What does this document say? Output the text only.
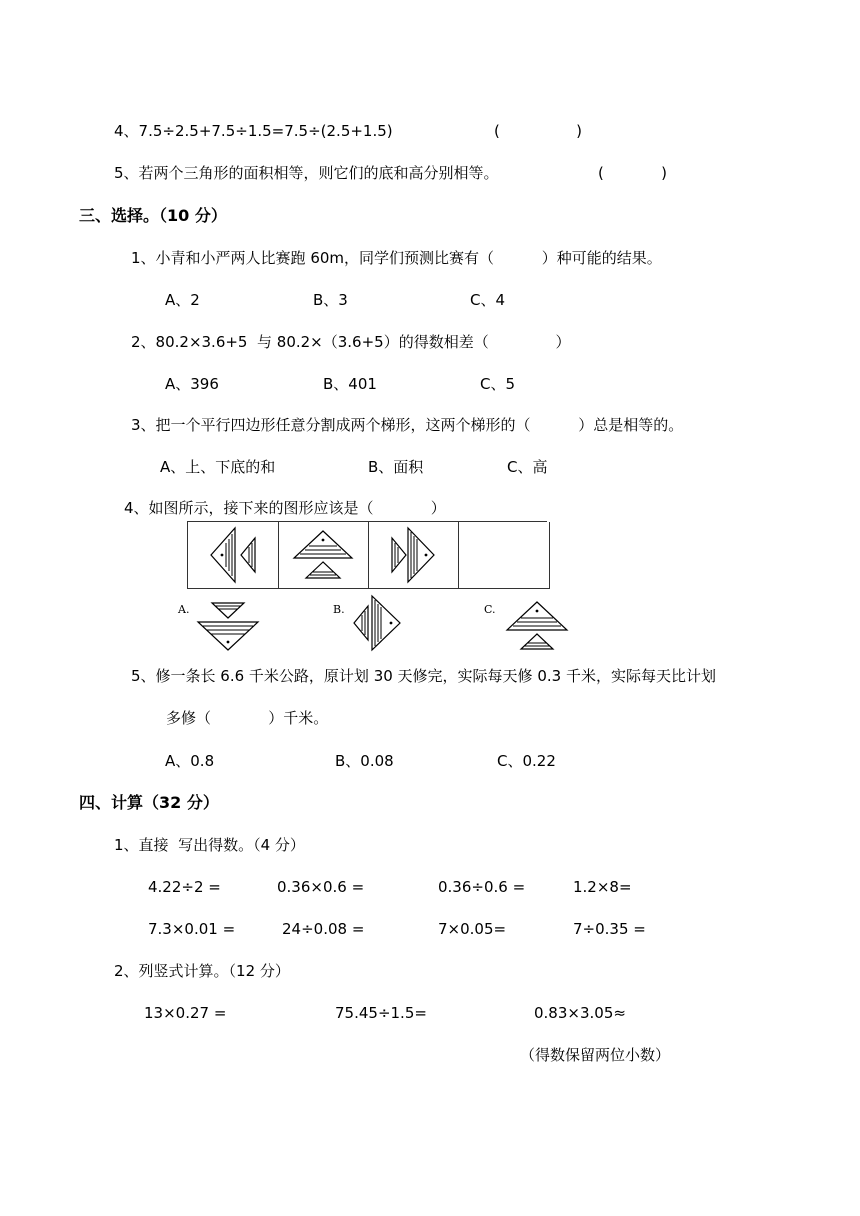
4、7.5÷2.5+7.5÷1.5=7.5÷(2.5+1.5)	(                )
5、若两个三角形的面积相等，则它们的底和高分别相等。	(            )
三、选择。（10 分）
1、小青和小严两人比赛跑 60m，同学们预测比赛有（          ）种可能的结果。
A、2	B、3	C、4
2、80.2×3.6+5  与 80.2×（3.6+5）的得数相差（              ）
A、396	B、401	C、5
3、把一个平行四边形任意分割成两个梯形，这两个梯形的（          ）总是相等的。
A、上、下底的和	B、面积	C、高
4、如图所示，接下来的图形应该是（            ）
A.	B.	C.
5、修一条长 6.6 千米公路，原计划 30 天修完，实际每天修 0.3 千米，实际每天比计划
多修（            ）千米。
A、0.8	B、0.08	C、0.22
四、计算（32 分）
1、直接  写出得数。（4 分）
4.22÷2 =	0.36×0.6 =	0.36÷0.6 =	1.2×8=
7.3×0.01 =	24÷0.08 =	7×0.05=	7÷0.35 =
2、列竖式计算。（12 分）
13×0.27 =	75.45÷1.5=	0.83×3.05≈
（得数保留两位小数）
